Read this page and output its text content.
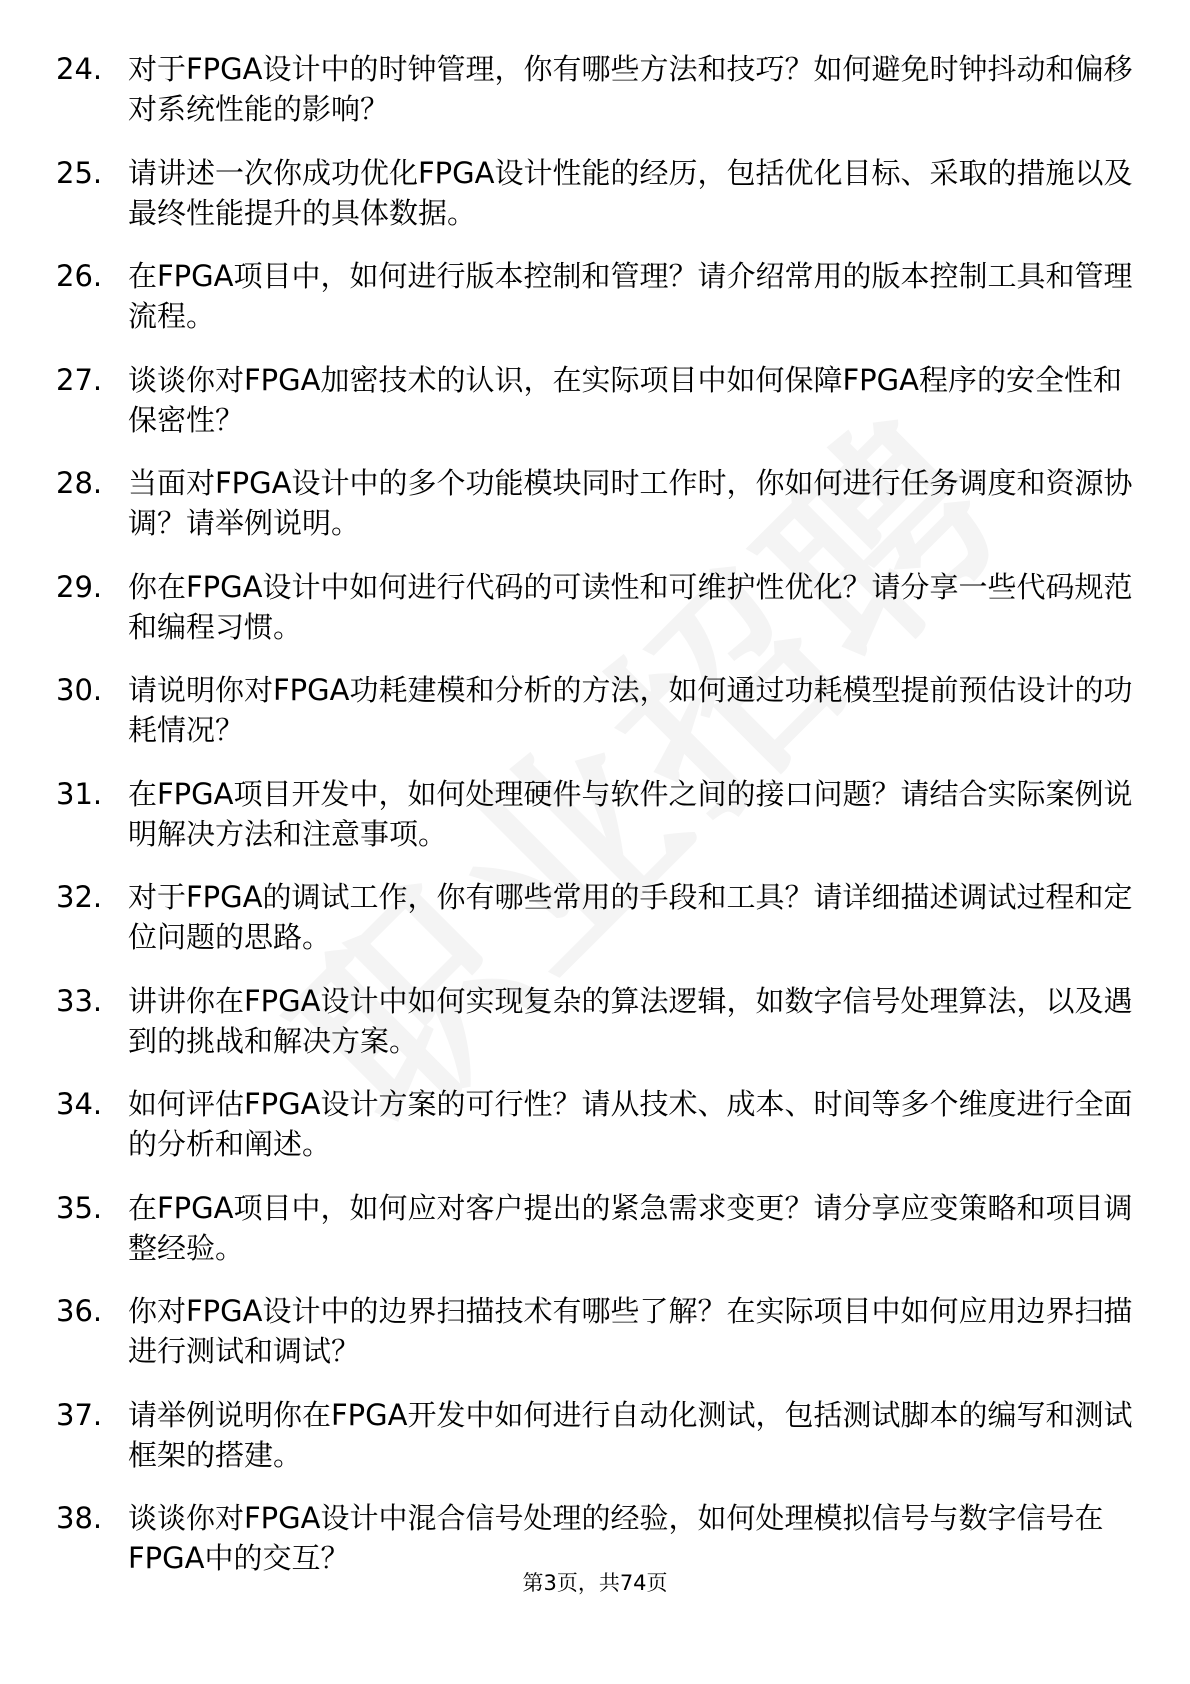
24. 对于FPGA设计中的时钟管理，你有哪些方法和技巧？如何避免时钟抖动和偏移对系统性能的影响？
25. 请讲述一次你成功优化FPGA设计性能的经历，包括优化目标、采取的措施以及最终性能提升的具体数据。
26. 在FPGA项目中，如何进行版本控制和管理？请介绍常用的版本控制工具和管理流程。
27. 谈谈你对FPGA加密技术的认识，在实际项目中如何保障FPGA程序的安全性和保密性？
28. 当面对FPGA设计中的多个功能模块同时工作时，你如何进行任务调度和资源协调？请举例说明。
29. 你在FPGA设计中如何进行代码的可读性和可维护性优化？请分享一些代码规范和编程习惯。
30. 请说明你对FPGA功耗建模和分析的方法，如何通过功耗模型提前预估设计的功耗情况？
31. 在FPGA项目开发中，如何处理硬件与软件之间的接口问题？请结合实际案例说明解决方法和注意事项。
32. 对于FPGA的调试工作，你有哪些常用的手段和工具？请详细描述调试过程和定位问题的思路。
33. 讲讲你在FPGA设计中如何实现复杂的算法逻辑，如数字信号处理算法，以及遇到的挑战和解决方案。
34. 如何评估FPGA设计方案的可行性？请从技术、成本、时间等多个维度进行全面的分析和阐述。
35. 在FPGA项目中，如何应对客户提出的紧急需求变更？请分享应变策略和项目调整经验。
36. 你对FPGA设计中的边界扫描技术有哪些了解？在实际项目中如何应用边界扫描进行测试和调试？
37. 请举例说明你在FPGA开发中如何进行自动化测试，包括测试脚本的编写和测试框架的搭建。
38. 谈谈你对FPGA设计中混合信号处理的经验，如何处理模拟信号与数字信号在FPGA中的交互？
第3页，共74页
